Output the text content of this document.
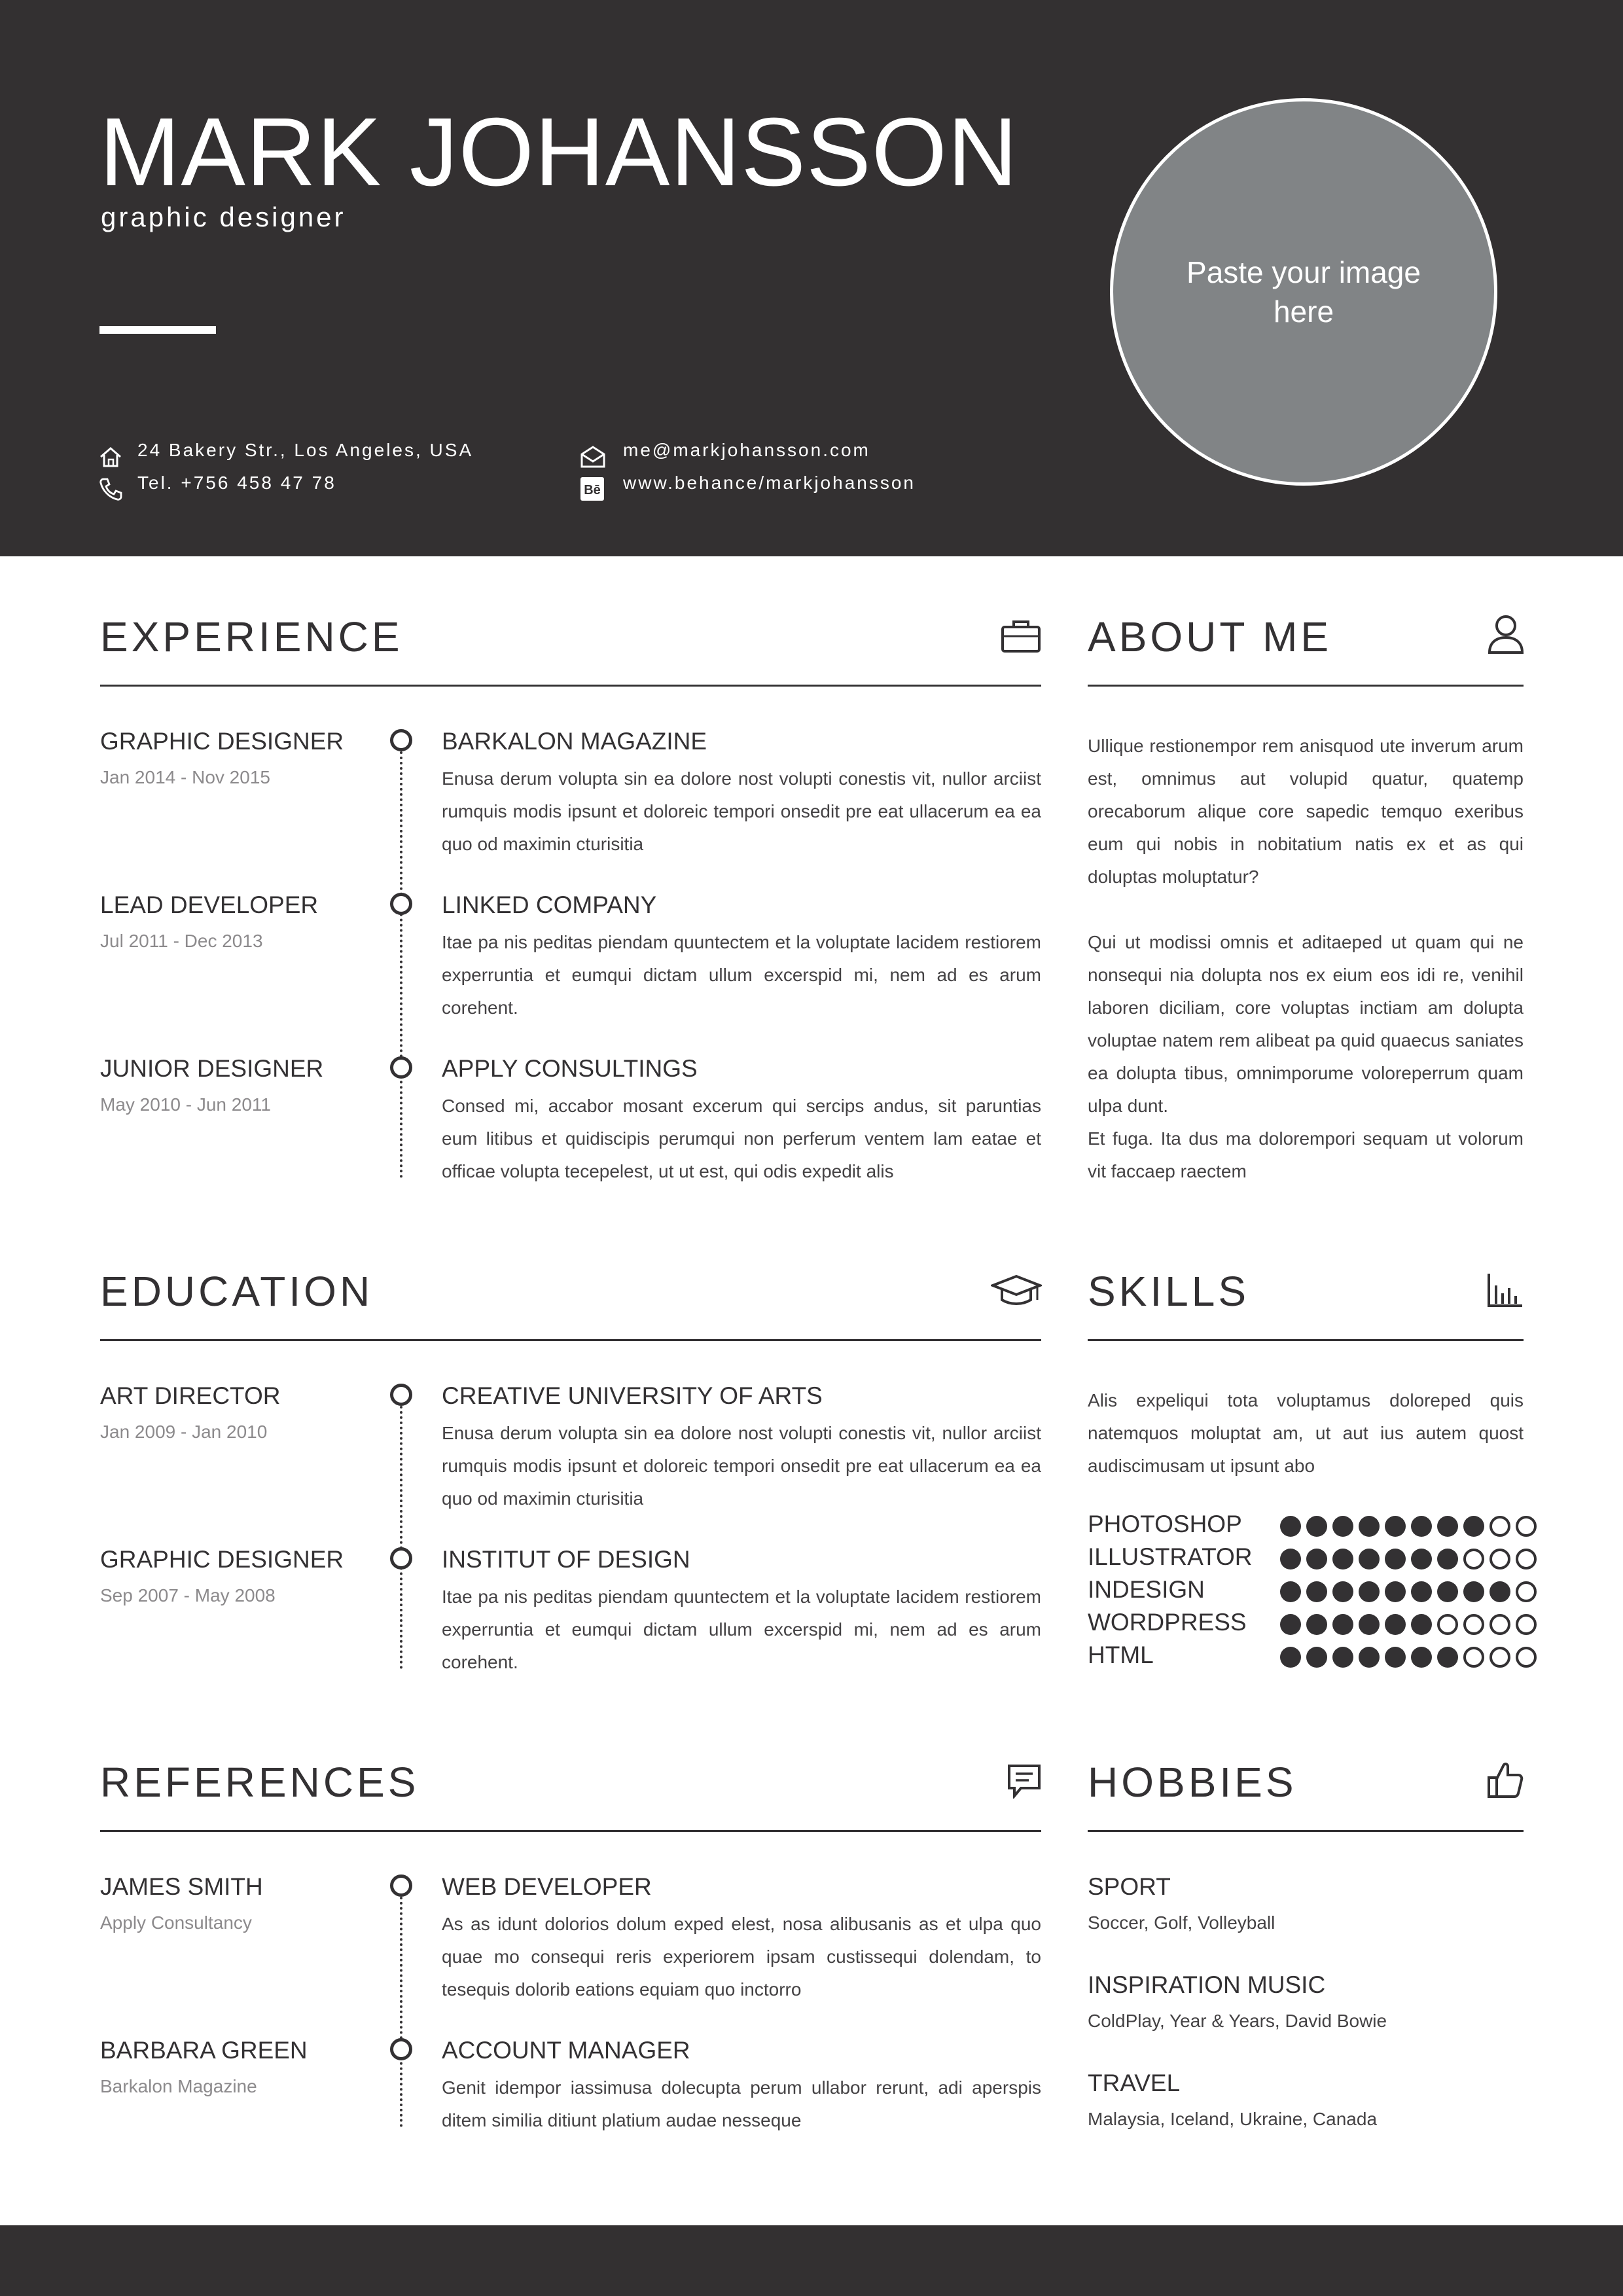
MARK JOHANSSON
graphic designer
24 Bakery Str., Los Angeles, USA
Tel. +756 458 47 78
me@markjohansson.com
Bē www.behance/markjohansson
Paste your image here
EXPERIENCE
GRAPHIC DESIGNER
Jan 2014 - Nov 2015
BARKALON MAGAZINE
Enusa derum volupta sin ea dolore nost volupti conestis vit, nullor arciist rumquis modis ipsunt et doloreic tempori onsedit pre eat ullacerum ea ea quo od maximin cturisitia
LEAD DEVELOPER
Jul 2011 - Dec 2013
LINKED COMPANY
Itae pa nis peditas piendam quuntectem et la voluptate lacidem restiorem experruntia et eumqui dictam ullum excerspid mi, nem ad es arum corehent.
JUNIOR DESIGNER
May 2010 - Jun 2011
APPLY CONSULTINGS
Consed mi, accabor mosant excerum qui sercips andus, sit paruntias eum litibus et quidiscipis perumqui non perferum ventem lam eatae et officae volupta tecepelest, ut ut est, qui odis expedit alis
ABOUT ME
Ullique restionempor rem anisquod ute inverum arum est, omnimus aut volupid quatur, quatemp orecaborum alique core sapedic temquo exeribus eum qui nobis in nobitatium natis ex et as qui doluptas moluptatur?
Qui ut modissi omnis et aditaeped ut quam qui ne nonsequi nia dolupta nos ex eium eos idi re, venihil laboren diciliam, core voluptas inctiam am dolupta voluptae natem rem alibeat pa quid quaecus saniates ea dolupta tibus, omnimporume voloreperrum quam ulpa dunt.
Et fuga. Ita dus ma dolorempori sequam ut volorum vit faccaep raectem
EDUCATION
ART DIRECTOR
Jan 2009 - Jan 2010
CREATIVE UNIVERSITY OF ARTS
Enusa derum volupta sin ea dolore nost volupti conestis vit, nullor arciist rumquis modis ipsunt et doloreic tempori onsedit pre eat ullacerum ea ea quo od maximin cturisitia
GRAPHIC DESIGNER
Sep 2007 - May 2008
INSTITUT OF DESIGN
Itae pa nis peditas piendam quuntectem et la voluptate lacidem restiorem experruntia et eumqui dictam ullum excerspid mi, nem ad es arum corehent.
SKILLS
Alis expeliqui tota voluptamus doloreped quis natemquos moluptat am, ut aut ius autem quost audiscimusam ut ipsunt abo
PHOTOSHOP
ILLUSTRATOR
INDESIGN
WORDPRESS
HTML
REFERENCES
JAMES SMITH
Apply Consultancy
WEB DEVELOPER
As as idunt dolorios dolum exped elest, nosa alibusanis as et ulpa quo quae mo consequi reris experiorem ipsam custissequi dolendam, to tesequis dolorib eations equiam quo inctorro
BARBARA GREEN
Barkalon Magazine
ACCOUNT MANAGER
Genit idempor iassimusa dolecupta perum ullabor rerunt, adi aperspis ditem similia ditiunt platium audae nesseque
HOBBIES
SPORT
Soccer, Golf, Volleyball
INSPIRATION MUSIC
ColdPlay, Year & Years, David Bowie
TRAVEL
Malaysia, Iceland, Ukraine, Canada
